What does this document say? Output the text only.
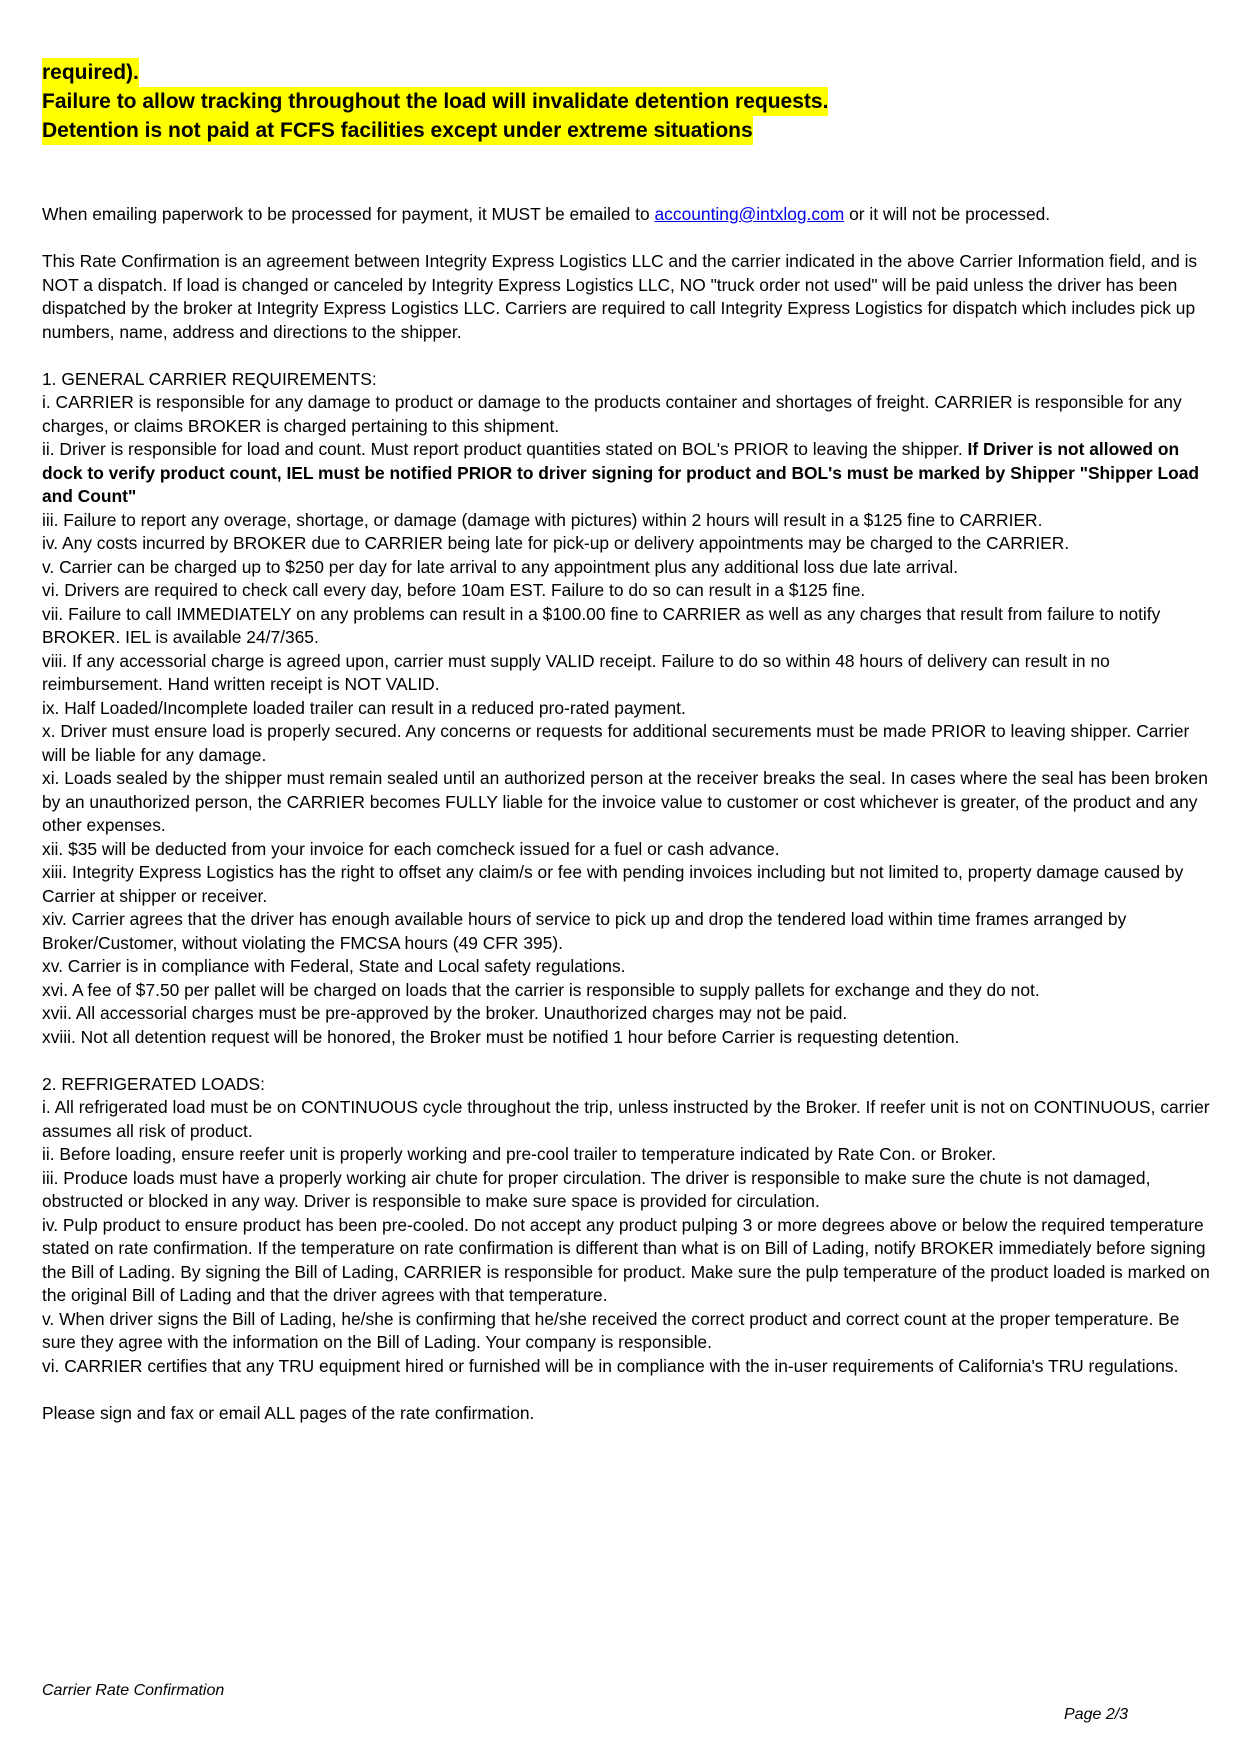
required).
Failure to allow tracking throughout the load will invalidate detention requests.
Detention is not paid at FCFS facilities except under extreme situations

When emailing paperwork to be processed for payment, it MUST be emailed to accounting@intxlog.com or it will not be processed.

This Rate Confirmation is an agreement between Integrity Express Logistics LLC and the carrier indicated in the above Carrier Information field, and is NOT a dispatch. If load is changed or canceled by Integrity Express Logistics LLC, NO "truck order not used" will be paid unless the driver has been dispatched by the broker at Integrity Express Logistics LLC. Carriers are required to call Integrity Express Logistics for dispatch which includes pick up numbers, name, address and directions to the shipper.

1. GENERAL CARRIER REQUIREMENTS:
i. CARRIER is responsible for any damage to product or damage to the products container and shortages of freight. CARRIER is responsible for any charges, or claims BROKER is charged pertaining to this shipment.
ii. Driver is responsible for load and count. Must report product quantities stated on BOL's PRIOR to leaving the shipper. If Driver is not allowed on dock to verify product count, IEL must be notified PRIOR to driver signing for product and BOL's must be marked by Shipper "Shipper Load and Count"
iii. Failure to report any overage, shortage, or damage (damage with pictures) within 2 hours will result in a $125 fine to CARRIER.
iv. Any costs incurred by BROKER due to CARRIER being late for pick-up or delivery appointments may be charged to the CARRIER.
v. Carrier can be charged up to $250 per day for late arrival to any appointment plus any additional loss due late arrival.
vi. Drivers are required to check call every day, before 10am EST. Failure to do so can result in a $125 fine.
vii. Failure to call IMMEDIATELY on any problems can result in a $100.00 fine to CARRIER as well as any charges that result from failure to notify BROKER. IEL is available 24/7/365.
viii. If any accessorial charge is agreed upon, carrier must supply VALID receipt. Failure to do so within 48 hours of delivery can result in no reimbursement. Hand written receipt is NOT VALID.
ix. Half Loaded/Incomplete loaded trailer can result in a reduced pro-rated payment.
x. Driver must ensure load is properly secured. Any concerns or requests for additional securements must be made PRIOR to leaving shipper. Carrier will be liable for any damage.
xi. Loads sealed by the shipper must remain sealed until an authorized person at the receiver breaks the seal. In cases where the seal has been broken by an unauthorized person, the CARRIER becomes FULLY liable for the invoice value to customer or cost whichever is greater, of the product and any other expenses.
xii. $35 will be deducted from your invoice for each comcheck issued for a fuel or cash advance.
xiii. Integrity Express Logistics has the right to offset any claim/s or fee with pending invoices including but not limited to, property damage caused by Carrier at shipper or receiver.
xiv. Carrier agrees that the driver has enough available hours of service to pick up and drop the tendered load within time frames arranged by Broker/Customer, without violating the FMCSA hours (49 CFR 395).
xv. Carrier is in compliance with Federal, State and Local safety regulations.
xvi. A fee of $7.50 per pallet will be charged on loads that the carrier is responsible to supply pallets for exchange and they do not.
xvii. All accessorial charges must be pre-approved by the broker. Unauthorized charges may not be paid.
xviii. Not all detention request will be honored, the Broker must be notified 1 hour before Carrier is requesting detention.
2. REFRIGERATED LOADS:
i. All refrigerated load must be on CONTINUOUS cycle throughout the trip, unless instructed by the Broker. If reefer unit is not on CONTINUOUS, carrier assumes all risk of product.
ii. Before loading, ensure reefer unit is properly working and pre-cool trailer to temperature indicated by Rate Con. or Broker.
iii. Produce loads must have a properly working air chute for proper circulation. The driver is responsible to make sure the chute is not damaged, obstructed or blocked in any way. Driver is responsible to make sure space is provided for circulation.
iv. Pulp product to ensure product has been pre-cooled. Do not accept any product pulping 3 or more degrees above or below the required temperature stated on rate confirmation. If the temperature on rate confirmation is different than what is on Bill of Lading, notify BROKER immediately before signing the Bill of Lading. By signing the Bill of Lading, CARRIER is responsible for product. Make sure the pulp temperature of the product loaded is marked on the original Bill of Lading and that the driver agrees with that temperature.
v. When driver signs the Bill of Lading, he/she is confirming that he/she received the correct product and correct count at the proper temperature. Be sure they agree with the information on the Bill of Lading. Your company is responsible.
vi. CARRIER certifies that any TRU equipment hired or furnished will be in compliance with the in-user requirements of California's TRU regulations.

Please sign and fax or email ALL pages of the rate confirmation.

Carrier Rate Confirmation
Page 2/3
